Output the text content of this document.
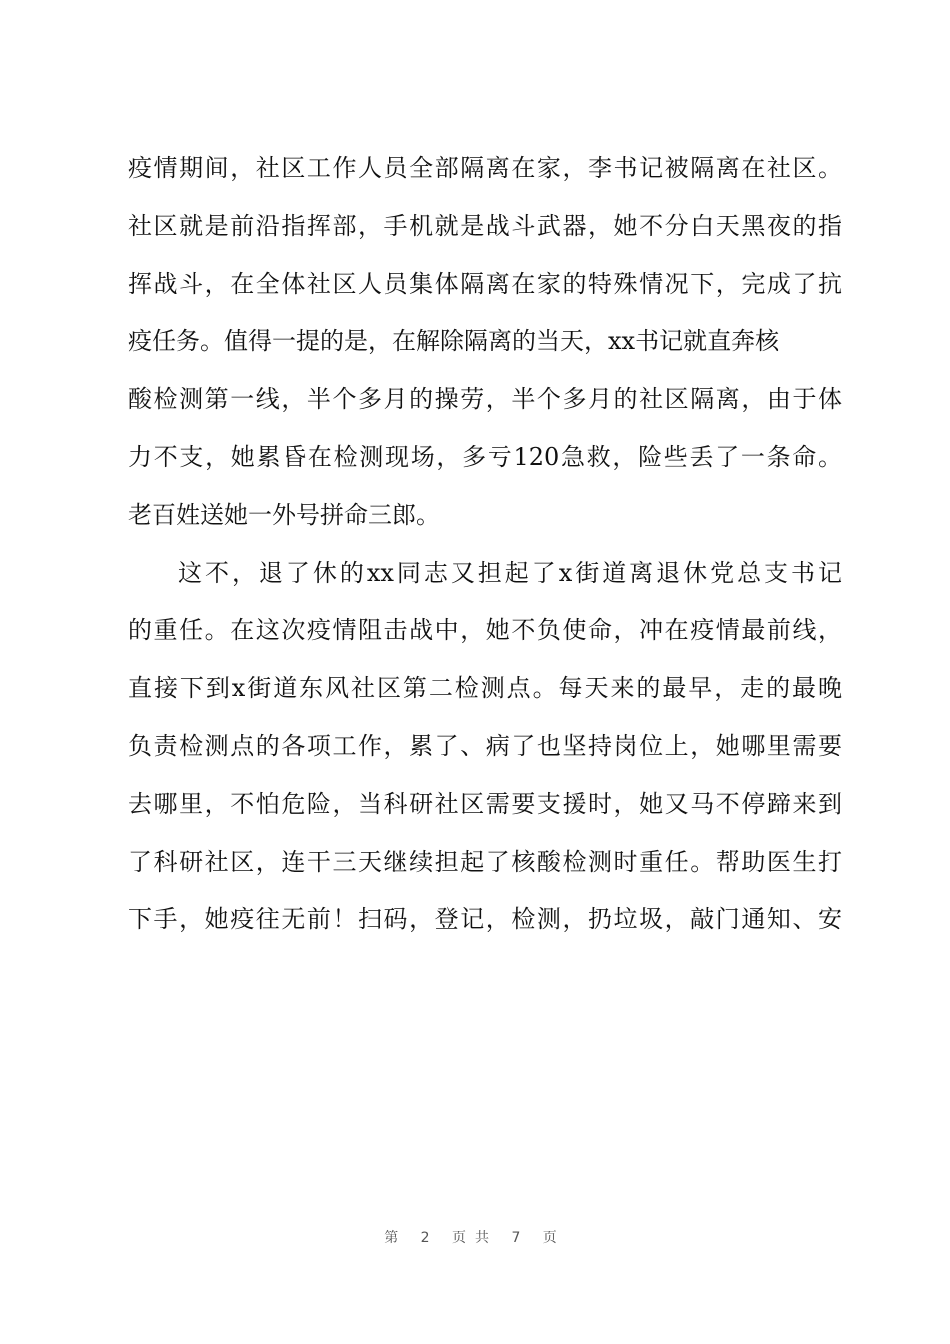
疫情期间，社区工作人员全部隔离在家，李书记被隔离在社区。
社区就是前沿指挥部，手机就是战斗武器，她不分白天黑夜的指
挥战斗，在全体社区人员集体隔离在家的特殊情况下，完成了抗
疫任务。值得一提的是，在解除隔离的当天，xx书记就直奔核
酸检测第一线，半个多月的操劳，半个多月的社区隔离，由于体
力不支，她累昏在检测现场，多亏120急救，险些丢了一条命。
老百姓送她一外号拼命三郎。
这不，退了休的xx同志又担起了x街道离退休党总支书记
的重任。在这次疫情阻击战中，她不负使命，冲在疫情最前线，
直接下到x街道东风社区第二检测点。每天来的最早，走的最晚
负责检测点的各项工作，累了、病了也坚持岗位上，她哪里需要
去哪里，不怕危险，当科研社区需要支援时，她又马不停蹄来到
了科研社区，连干三天继续担起了核酸检测时重任。帮助医生打
下手，她疫往无前！扫码，登记，检测，扔垃圾，敲门通知、安
第 2 页共 7 页
